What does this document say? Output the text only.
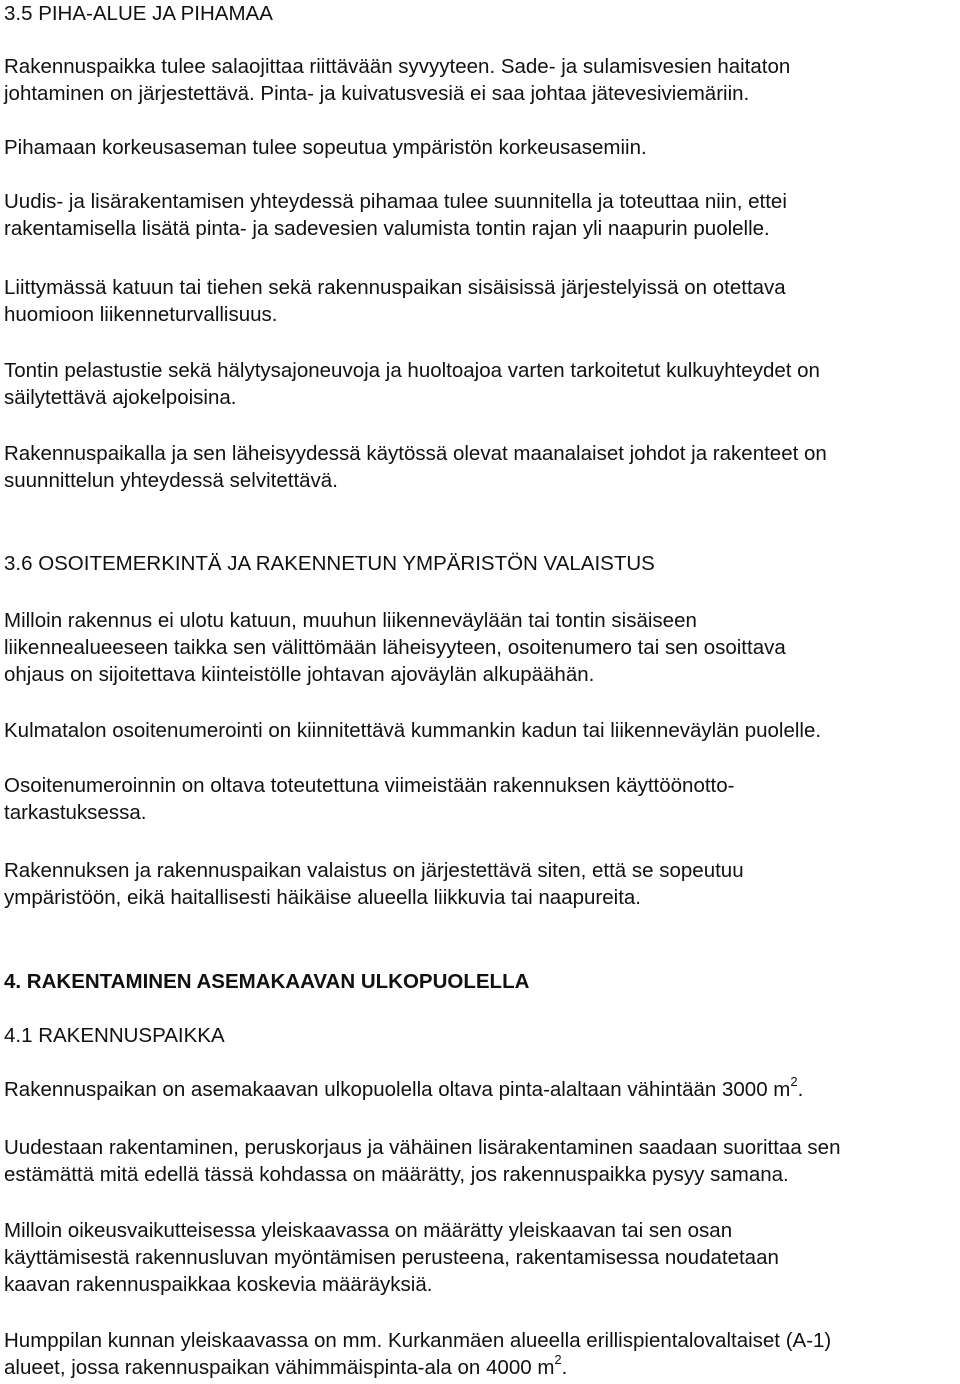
3.5 PIHA-ALUE JA PIHAMAA
Rakennuspaikka tulee salaojittaa riittävään syvyyteen. Sade- ja sulamisvesien haitaton
johtaminen on järjestettävä. Pinta- ja kuivatusvesiä ei saa johtaa jätevesiviemäriin.
Pihamaan korkeusaseman tulee sopeutua ympäristön korkeusasemiin.
Uudis- ja lisärakentamisen yhteydessä pihamaa tulee suunnitella ja toteuttaa niin, ettei
rakentamisella lisätä pinta- ja sadevesien valumista tontin rajan yli naapurin puolelle.
Liittymässä katuun tai tiehen sekä rakennuspaikan sisäisissä järjestelyissä on otettava
huomioon liikenneturvallisuus.
Tontin pelastustie sekä hälytysajoneuvoja ja huoltoajoa varten tarkoitetut kulkuyhteydet on
säilytettävä ajokelpoisina.
Rakennuspaikalla ja sen läheisyydessä käytössä olevat maanalaiset johdot ja rakenteet on
suunnittelun yhteydessä selvitettävä.
3.6 OSOITEMERKINTÄ JA RAKENNETUN YMPÄRISTÖN VALAISTUS
Milloin rakennus ei ulotu katuun, muuhun liikenneväylään tai tontin sisäiseen
liikennealueeseen taikka sen välittömään läheisyyteen, osoitenumero tai sen osoittava
ohjaus on sijoitettava kiinteistölle johtavan ajoväylän alkupäähän.
Kulmatalon osoitenumerointi on kiinnitettävä kummankin kadun tai liikenneväylän puolelle.
Osoitenumeroinnin on oltava toteutettuna viimeistään rakennuksen käyttöönotto-
tarkastuksessa.
Rakennuksen ja rakennuspaikan valaistus on järjestettävä siten, että se sopeutuu
ympäristöön, eikä haitallisesti häikäise alueella liikkuvia tai naapureita.
4. RAKENTAMINEN ASEMAKAAVAN ULKOPUOLELLA
4.1 RAKENNUSPAIKKA
Rakennuspaikan on asemakaavan ulkopuolella oltava pinta-alaltaan vähintään 3000 $m^2$.
Uudestaan rakentaminen, peruskorjaus ja vähäinen lisärakentaminen saadaan suorittaa sen
estämättä mitä edellä tässä kohdassa on määrätty, jos rakennuspaikka pysyy samana.
Milloin oikeusvaikutteisessa yleiskaavassa on määrätty yleiskaavan tai sen osan
käyttämisestä rakennusluvan myöntämisen perusteena, rakentamisessa noudatetaan
kaavan rakennuspaikkaa koskevia määräyksiä.
Humppilan kunnan yleiskaavassa on mm. Kurkanmäen alueella erillispientalovaltaiset (A-1)
alueet, jossa rakennuspaikan vähimmäispinta-ala on 4000 $m^2$.
